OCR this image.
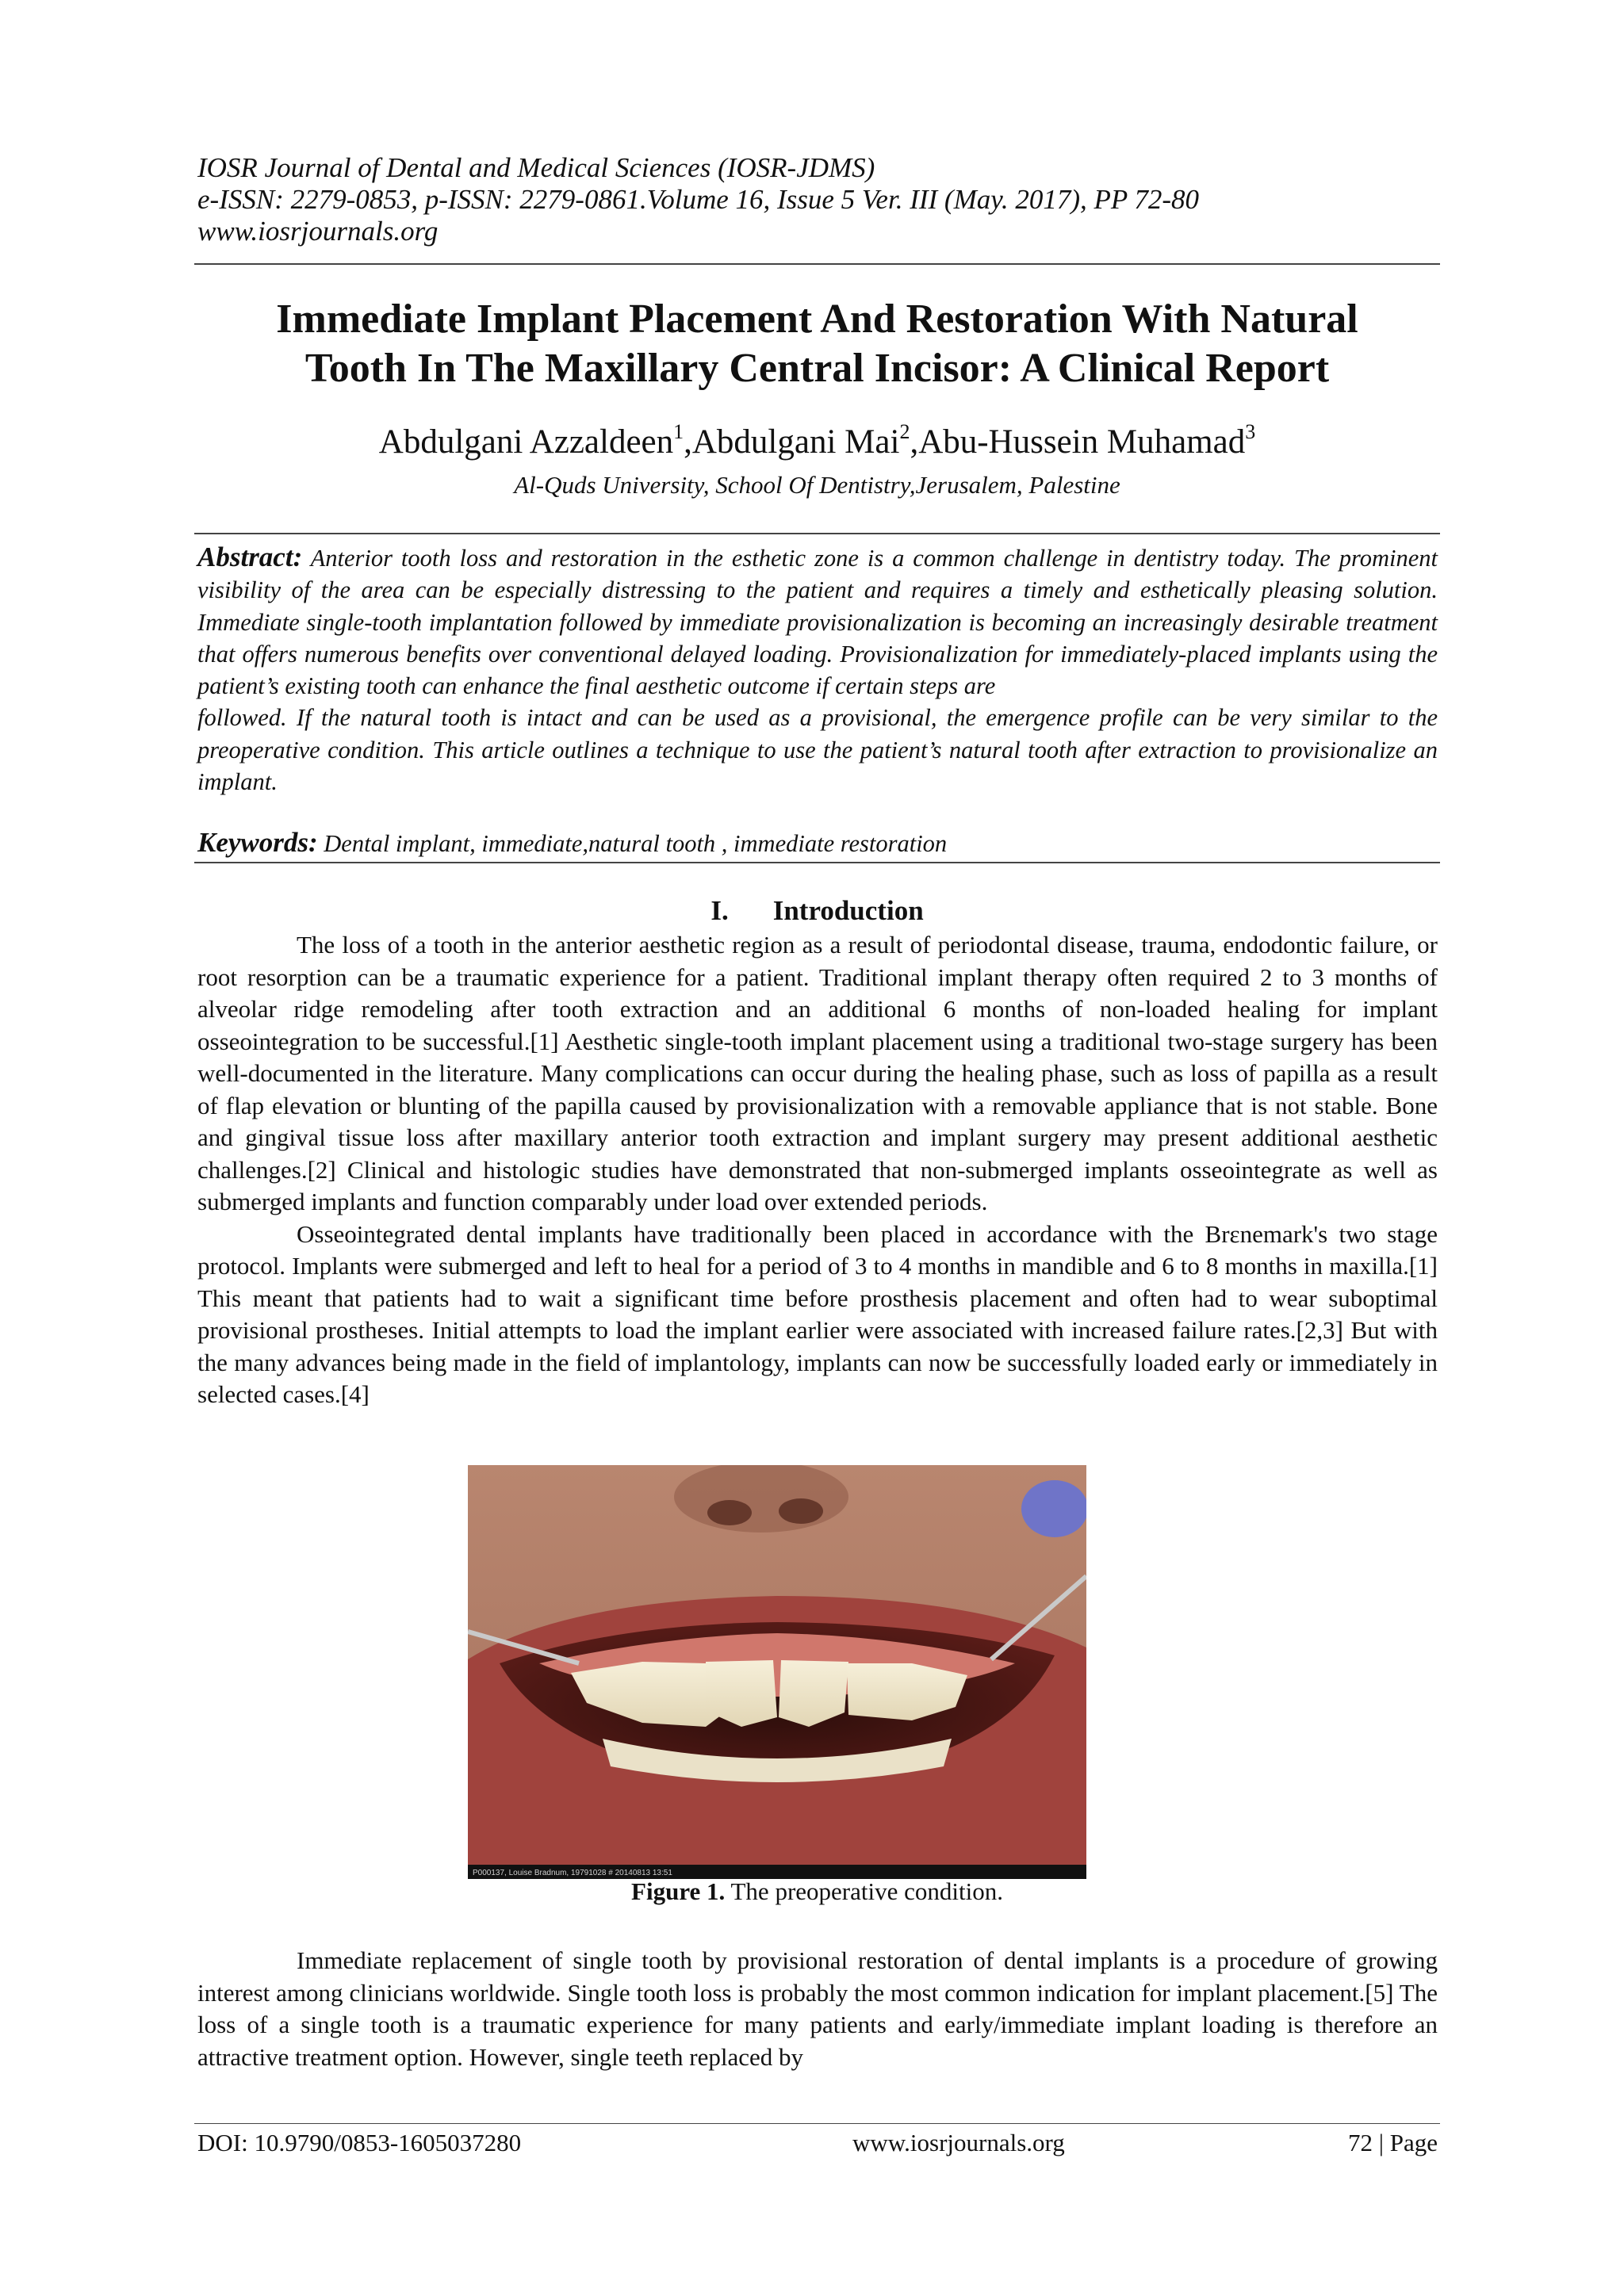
IOSR Journal of Dental and Medical Sciences (IOSR-JDMS)
e-ISSN: 2279-0853, p-ISSN: 2279-0861.Volume 16, Issue 5 Ver. III (May. 2017), PP 72-80
www.iosrjournals.org
Immediate Implant Placement And Restoration With Natural
Tooth In The Maxillary Central Incisor: A Clinical Report
Abdulgani Azzaldeen$^1$,Abdulgani Mai$^2$,Abu-Hussein Muhamad$^3$
Al-Quds University, School Of Dentistry,Jerusalem, Palestine

Abstract: Anterior tooth loss and restoration in the esthetic zone is a common challenge in dentistry today. The prominent visibility of the area can be especially distressing to the patient and requires a timely and esthetically pleasing solution. Immediate single-tooth implantation followed by immediate provisionalization is becoming an increasingly desirable treatment that offers numerous benefits over conventional delayed loading. Provisionalization for immediately-placed implants using the patient’s existing tooth can enhance the final aesthetic outcome if certain steps are

followed. If the natural tooth is intact and can be used as a provisional, the emergence profile can be very similar to the preoperative condition. This article outlines a technique to use the patient’s natural tooth after extraction to provisionalize an implant.

Keywords: Dental implant, immediate,natural tooth , immediate restoration
I. Introduction

The loss of a tooth in the anterior aesthetic region as a result of periodontal disease, trauma, endodontic failure, or root resorption can be a traumatic experience for a patient. Traditional implant therapy often required 2 to 3 months of alveolar ridge remodeling after tooth extraction and an additional 6 months of non-loaded healing for implant osseointegration to be successful.[1] Aesthetic single-tooth implant placement using a traditional two-stage surgery has been well-documented in the literature. Many complications can occur during the healing phase, such as loss of papilla as a result of flap elevation or blunting of the papilla caused by provisionalization with a removable appliance that is not stable. Bone and gingival tissue loss after maxillary anterior tooth extraction and implant surgery may present additional aesthetic challenges.[2] Clinical and histologic studies have demonstrated that non-submerged implants osseointegrate as well as submerged implants and function comparably under load over extended periods.

Osseointegrated dental implants have traditionally been placed in accordance with the Brεnemark's two stage protocol. Implants were submerged and left to heal for a period of 3 to 4 months in mandible and 6 to 8 months in maxilla.[1] This meant that patients had to wait a significant time before prosthesis placement and often had to wear suboptimal provisional prostheses. Initial attempts to load the implant earlier were associated with increased failure rates.[2,3] But with the many advances being made in the field of implantology, implants can now be successfully loaded early or immediately in selected cases.[4]

P000137, Louise Bradnum, 19791028 # 20140813 13:51
Figure 1. The preoperative condition.

Immediate replacement of single tooth by provisional restoration of dental implants is a procedure of growing interest among clinicians worldwide. Single tooth loss is probably the most common indication for implant placement.[5] The loss of a single tooth is a traumatic experience for many patients and early/immediate implant loading is therefore an attractive treatment option. However, single teeth replaced by

DOI: 10.9790/0853-1605037280	www.iosrjournals.org	72 | Page
